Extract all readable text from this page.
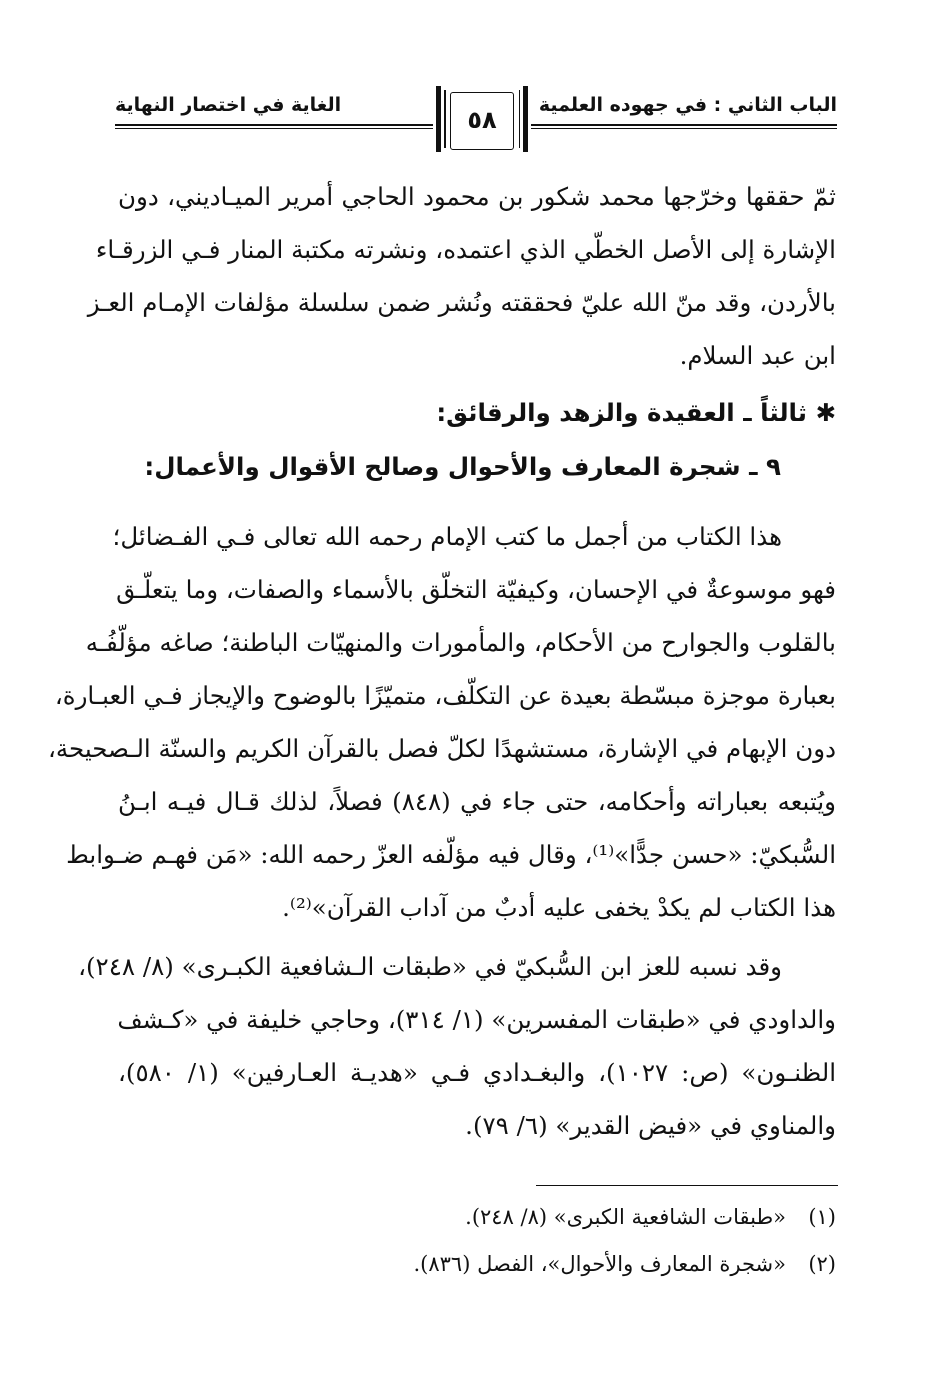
الباب الثاني : في جهوده العلمية
الغاية في اختصار النهاية
٥٨
ثمّ حققها وخرّجها محمد شكور بن محمود الحاجي أمرير الميـاديني، دون
الإشارة إلى الأصل الخطّي الذي اعتمده، ونشرته مكتبة المنار فـي الزرقـاء
بالأردن، وقد منّ الله عليّ فحققته ونُشر ضمن سلسلة مؤلفات الإمـام العـز
ابن عبد السلام.
✱ ثالثاً ـ العقيدة والزهد والرقائق:
٩ ـ شجرة المعارف والأحوال وصالح الأقوال والأعمال:
هذا الكتاب من أجمل ما كتب الإمام رحمه الله تعالى فـي الفـضائل؛
فهو موسوعةٌ في الإحسان، وكيفيّة التخلّق بالأسماء والصفات، وما يتعلّـق
بالقلوب والجوارح من الأحكام، والمأمورات والمنهيّات الباطنة؛ صاغه مؤلّفُـه
بعبارة موجزة مبسّطة بعيدة عن التكلّف، متميّزًا بالوضوح والإيجاز فـي العبـارة،
دون الإبهام في الإشارة، مستشهدًا لكلّ فصل بالقرآن الكريم والسنّة الـصحيحة،
ويُتبعه بعباراته وأحكامه، حتى جاء في (٨٤٨) فصلاً، لذلك قـال فيـه ابـنُ
السُّبكيّ: «حسن جدًّا»⁽¹⁾، وقال فيه مؤلّفه العزّ رحمه الله: «مَن فهـم ضـوابط
هذا الكتاب لم يكدْ يخفى عليه أدبٌ من آداب القرآن»⁽²⁾.
وقد نسبه للعز ابن السُّبكيّ في «طبقات الـشافعية الكبـرى» (٨/ ٢٤٨)،
والداودي في «طبقات المفسرين» (١/ ٣١٤)، وحاجي خليفة في «كـشف
الظنـون» (ص: ١٠٢٧)، والبغـدادي فـي «هديـة العـارفين» (١/ ٥٨٠)،
والمناوي في «فيض القدير» (٦/ ٧٩).
(١)«طبقات الشافعية الكبرى» (٨/ ٢٤٨).
(٢)«شجرة المعارف والأحوال»، الفصل (٨٣٦).
